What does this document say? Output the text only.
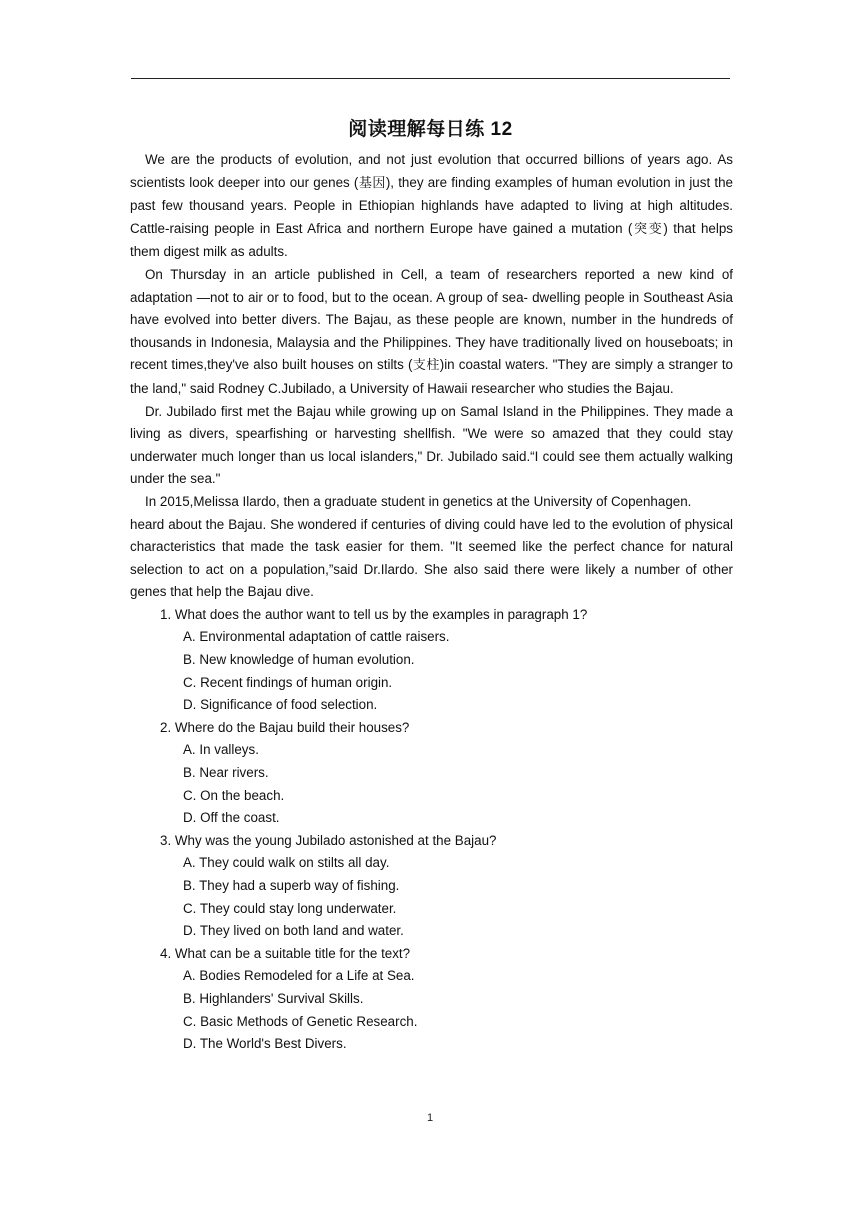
阅读理解每日练 12

We are the products of evolution, and not just evolution that occurred billions of years ago. As scientists look deeper into our genes (基因), they are finding examples of human evolution in just the past few thousand years. People in Ethiopian highlands have adapted to living at high altitudes. Cattle-raising people in East Africa and northern Europe have gained a mutation (突变) that helps them digest milk as adults.

On Thursday in an article published in Cell, a team of researchers reported a new kind of adaptation —not to air or to food, but to the ocean. A group of sea- dwelling people in Southeast Asia have evolved into better divers. The Bajau, as these people are known, number in the hundreds of thousands in Indonesia, Malaysia and the Philippines. They have traditionally lived on houseboats; in recent times,they've also built houses on stilts (支柱)in coastal waters. "They are simply a stranger to the land," said Rodney C.Jubilado, a University of Hawaii researcher who studies the Bajau.

Dr. Jubilado first met the Bajau while growing up on Samal Island in the Philippines. They made a living as divers, spearfishing or harvesting shellfish. "We were so amazed that they could stay underwater much longer than us local islanders," Dr. Jubilado said.“I could see them actually walking under the sea."

In 2015,Melissa Ilardo, then a graduate student in genetics at the University of Copenhagen.

heard about the Bajau. She wondered if centuries of diving could have led to the evolution of physical characteristics that made the task easier for them. "It seemed like the perfect chance for natural selection to act on a population,”said Dr.Ilardo. She also said there were likely a number of other genes that help the Bajau dive.

1. What does the author want to tell us by the examples in paragraph 1?

A. Environmental adaptation of cattle raisers.

B. New knowledge of human evolution.

C. Recent findings of human origin.

D. Significance of food selection.

2. Where do the Bajau build their houses?

A. In valleys.

B. Near rivers.

C. On the beach.

D. Off the coast.

3. Why was the young Jubilado astonished at the Bajau?

A. They could walk on stilts all day.

B. They had a superb way of fishing.

C. They could stay long underwater.

D. They lived on both land and water.

4. What can be a suitable title for the text?

A. Bodies Remodeled for a Life at Sea.

B. Highlanders' Survival Skills.

C. Basic Methods of Genetic Research.

D. The World's Best Divers.

1
